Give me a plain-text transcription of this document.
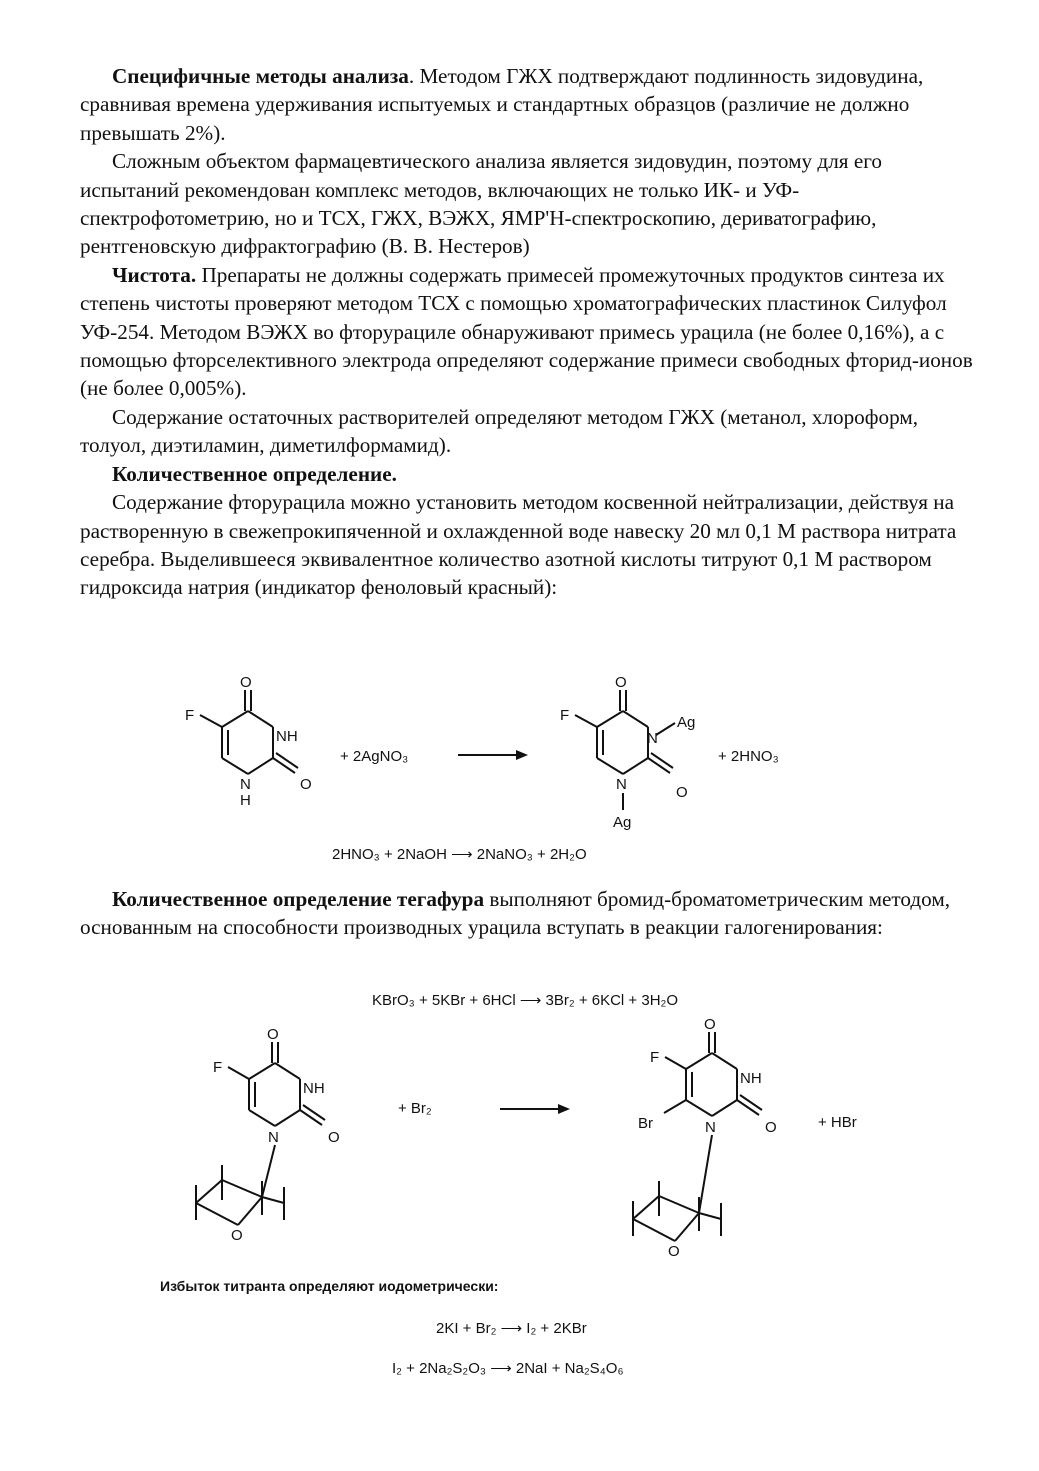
Специфичные методы анализа. Методом ГЖХ подтверждают подлинность зидовудина, сравнивая времена удерживания испытуемых и стандартных образцов (различие не должно превышать 2%).

Сложным объектом фармацевтического анализа является зидовудин, поэтому для его испытаний рекомендован комплекс методов, включающих не только ИК- и УФ-спектрофотометрию, но и ТСХ, ГЖХ, ВЭЖХ, ЯМР'Н-спектроскопию, дериватографию, рентгеновскую дифрактографию (В. В. Нестеров)

Чистота. Препараты не должны содержать примесей промежуточных продуктов синтеза их степень чистоты проверяют методом ТСХ с помощью хроматографических пластинок Силуфол УФ-254. Методом ВЭЖХ во фторурациле обнаруживают примесь урацила (не более 0,16%), а с помощью фторселективного электрода определяют содержание примеси свободных фторид-ионов (не более 0,005%).

Содержание остаточных растворителей определяют методом ГЖХ (метанол, хлороформ, толуол, диэтиламин, диметилформамид).

Количественное определение.

Содержание фторурацила можно установить методом косвенной нейтрализации, действуя на растворенную в свежепрокипяченной и охлажденной воде навеску 20 мл 0,1 М раствора нитрата серебра. Выделившееся эквивалентное количество азотной кислоты титруют 0,1 М раствором гидроксида натрия (индикатор феноловый красный):

O
F
NH
N
H
O
+ 2AgNO₃
O
F
N
Ag
N	O
Ag
+ 2HNO₃
2HNO₃ + 2NaOH ⟶ 2NaNO₃ + 2H₂O

Количественное определение тегафура выполняют бромид-броматометрическим методом, основанным на способности производных урацила вступать в реакции галогенирования:

KBrO₃ + 5KBr + 6HCl ⟶ 3Br₂ + 6KCl + 3H₂O
O
F
NH
N	O
O
+ Br₂
O
F
NH
Br	N	O
O
+ HBr
Избыток титранта определяют иодометрически:
2KI + Br₂ ⟶ I₂ + 2KBr
I₂ + 2Na₂S₂O₃ ⟶ 2NaI + Na₂S₄O₆
